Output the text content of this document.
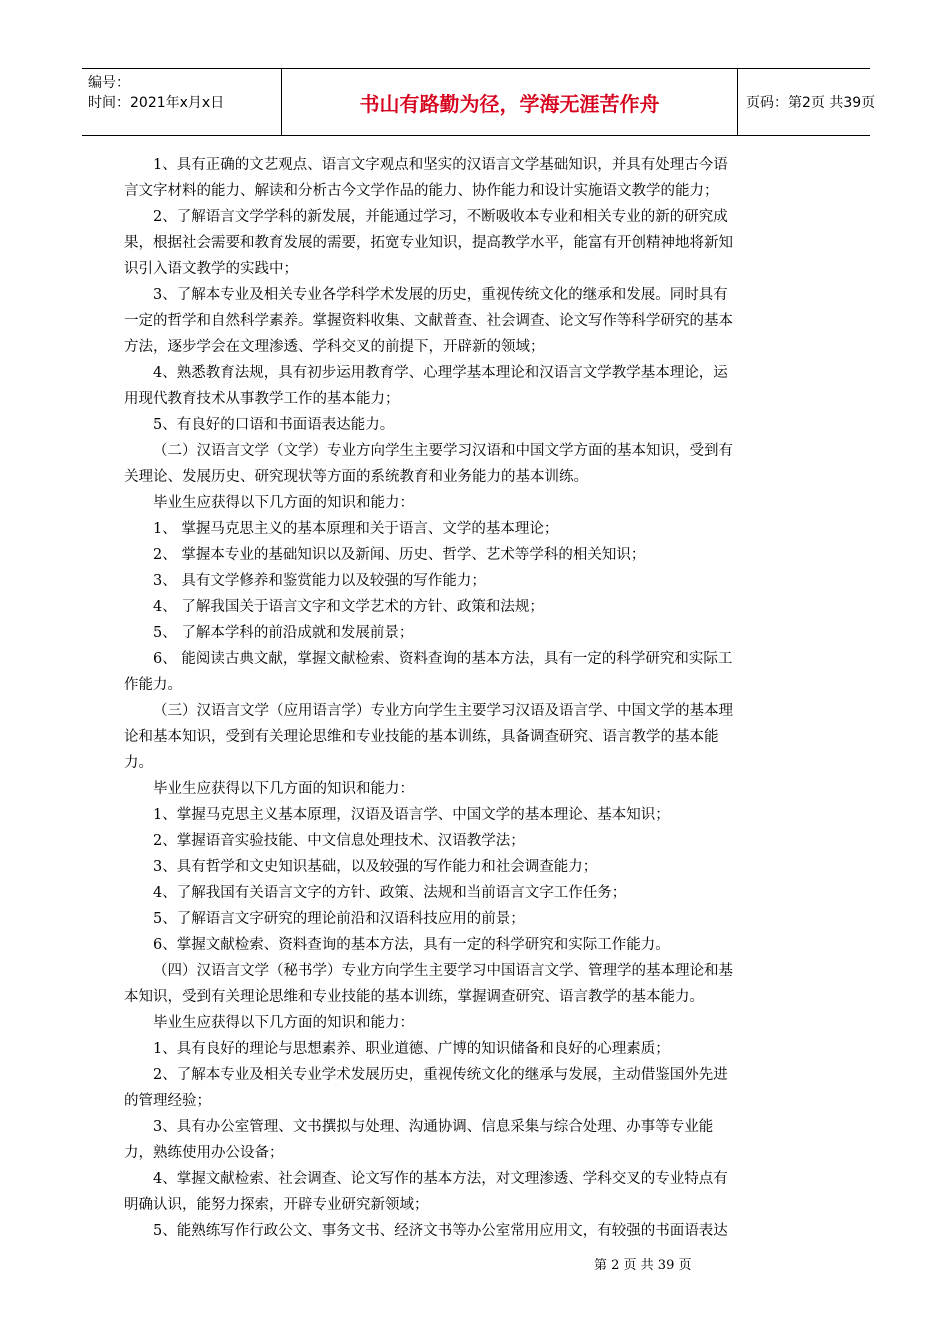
编号：
时间：2021年x月x日	书山有路勤为径，学海无涯苦作舟	页码：第2页 共39页
1、具有正确的文艺观点、语言文字观点和坚实的汉语言文学基础知识，并具有处理古今语
言文字材料的能力、解读和分析古今文学作品的能力、协作能力和设计实施语文教学的能力；
2、了解语言文学学科的新发展，并能通过学习，不断吸收本专业和相关专业的新的研究成
果，根据社会需要和教育发展的需要，拓宽专业知识，提高教学水平，能富有开创精神地将新知
识引入语文教学的实践中；
3、了解本专业及相关专业各学科学术发展的历史，重视传统文化的继承和发展。同时具有
一定的哲学和自然科学素养。掌握资料收集、文献普查、社会调查、论文写作等科学研究的基本
方法，逐步学会在文理渗透、学科交叉的前提下，开辟新的领域；
4、熟悉教育法规，具有初步运用教育学、心理学基本理论和汉语言文学教学基本理论，运
用现代教育技术从事教学工作的基本能力；
5、有良好的口语和书面语表达能力。
（二）汉语言文学（文学）专业方向学生主要学习汉语和中国文学方面的基本知识，受到有
关理论、发展历史、研究现状等方面的系统教育和业务能力的基本训练。
毕业生应获得以下几方面的知识和能力：
1、 掌握马克思主义的基本原理和关于语言、文学的基本理论；
2、 掌握本专业的基础知识以及新闻、历史、哲学、艺术等学科的相关知识；
3、 具有文学修养和鉴赏能力以及较强的写作能力；
4、 了解我国关于语言文字和文学艺术的方针、政策和法规；
5、 了解本学科的前沿成就和发展前景；
6、 能阅读古典文献，掌握文献检索、资料查询的基本方法，具有一定的科学研究和实际工
作能力。
（三）汉语言文学（应用语言学）专业方向学生主要学习汉语及语言学、中国文学的基本理
论和基本知识，受到有关理论思维和专业技能的基本训练，具备调查研究、语言教学的基本能
力。
毕业生应获得以下几方面的知识和能力：
1、掌握马克思主义基本原理，汉语及语言学、中国文学的基本理论、基本知识；
2、掌握语音实验技能、中文信息处理技术、汉语教学法；
3、具有哲学和文史知识基础，以及较强的写作能力和社会调查能力；
4、了解我国有关语言文字的方针、政策、法规和当前语言文字工作任务；
5、了解语言文字研究的理论前沿和汉语科技应用的前景；
6、掌握文献检索、资料查询的基本方法，具有一定的科学研究和实际工作能力。
（四）汉语言文学（秘书学）专业方向学生主要学习中国语言文学、管理学的基本理论和基
本知识，受到有关理论思维和专业技能的基本训练，掌握调查研究、语言教学的基本能力。
毕业生应获得以下几方面的知识和能力：
1、具有良好的理论与思想素养、职业道德、广博的知识储备和良好的心理素质；
2、了解本专业及相关专业学术发展历史，重视传统文化的继承与发展，主动借鉴国外先进
的管理经验；
3、具有办公室管理、文书撰拟与处理、沟通协调、信息采集与综合处理、办事等专业能
力，熟练使用办公设备；
4、掌握文献检索、社会调查、论文写作的基本方法，对文理渗透、学科交叉的专业特点有
明确认识，能努力探索，开辟专业研究新领域；
5、能熟练写作行政公文、事务文书、经济文书等办公室常用应用文，有较强的书面语表达
第 2 页 共 39 页
